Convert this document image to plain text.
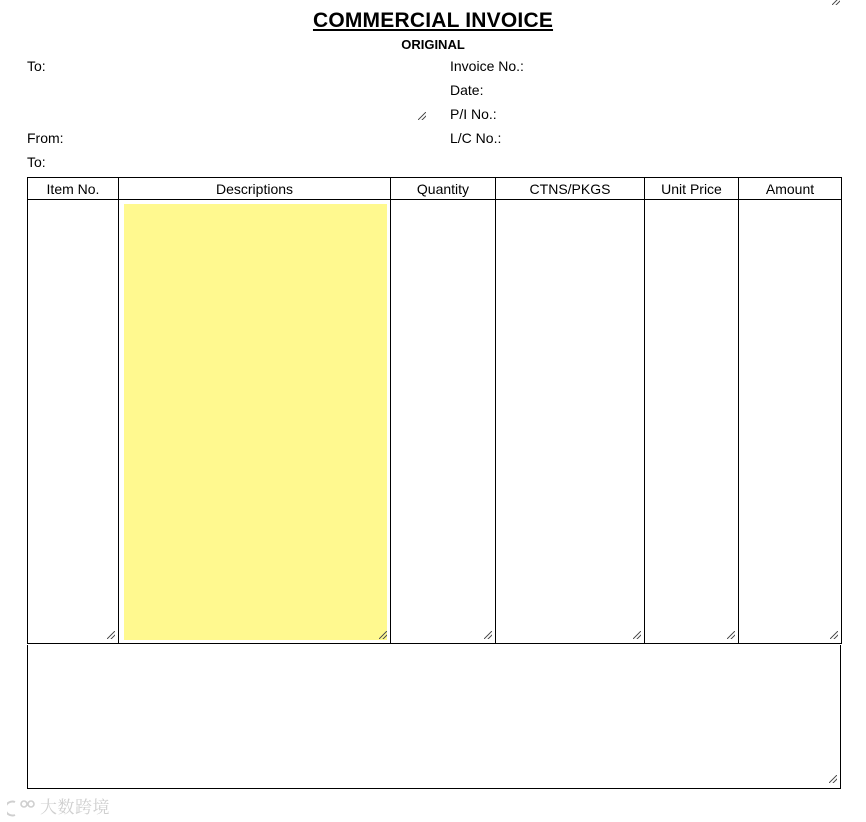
COMMERCIAL INVOICE
ORIGINAL
To:
From:
To:
Invoice No.:
Date:
P/I No.:
L/C No.:
Item No.	Descriptions	Quantity	CTNS/PKGS	Unit Price	Amount

大数跨境
